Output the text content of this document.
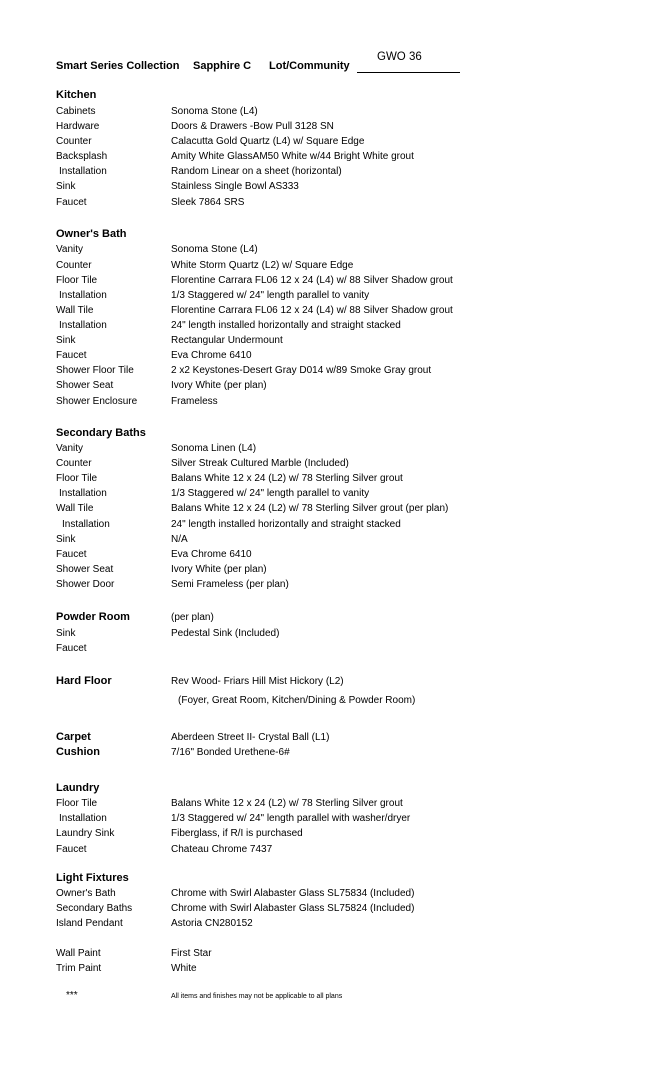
Smart Series Collection Sapphire C Lot/Community
GWO 36
Kitchen
Cabinets	Sonoma Stone (L4)
Hardware	Doors & Drawers -Bow Pull 3128 SN
Counter	Calacutta Gold Quartz (L4) w/ Square Edge
Backsplash	Amity White GlassAM50 White w/44 Bright White grout
Installation	Random Linear on a sheet (horizontal)
Sink	Stainless Single Bowl AS333
Faucet	Sleek 7864 SRS
Owner's Bath
Vanity	Sonoma Stone (L4)
Counter	White Storm Quartz (L2) w/ Square Edge
Floor Tile	Florentine Carrara FL06 12 x 24 (L4) w/ 88 Silver Shadow grout
Installation	1/3 Staggered w/ 24" length parallel to vanity
Wall Tile	Florentine Carrara FL06 12 x 24 (L4) w/ 88 Silver Shadow grout
Installation	24" length installed horizontally and straight stacked
Sink	Rectangular Undermount
Faucet	Eva Chrome 6410
Shower Floor Tile	2 x2 Keystones-Desert Gray D014 w/89 Smoke Gray grout
Shower Seat	Ivory White (per plan)
Shower Enclosure	Frameless
Secondary Baths
Vanity	Sonoma Linen (L4)
Counter	Silver Streak Cultured Marble (Included)
Floor Tile	Balans White 12 x 24 (L2) w/ 78 Sterling Silver grout
Installation	1/3 Staggered w/ 24" length parallel to vanity
Wall Tile	Balans White 12 x 24 (L2) w/ 78 Sterling Silver grout (per plan)
Installation	24" length installed horizontally and straight stacked
Sink	N/A
Faucet	Eva Chrome 6410
Shower Seat	Ivory White (per plan)
Shower Door	Semi Frameless (per plan)
Powder Room	(per plan)
Sink	Pedestal Sink (Included)
Faucet
Hard Floor	Rev Wood- Friars Hill Mist Hickory (L2)
(Foyer, Great Room, Kitchen/Dining & Powder Room)
Carpet	Aberdeen Street II- Crystal Ball (L1)
Cushion	7/16" Bonded Urethene-6#
Laundry
Floor Tile	Balans White 12 x 24 (L2) w/ 78 Sterling Silver grout
Installation	1/3 Staggered w/ 24" length parallel with washer/dryer
Laundry Sink	Fiberglass, if R/I is purchased
Faucet	Chateau Chrome 7437
Light Fixtures
Owner's Bath	Chrome with Swirl Alabaster Glass SL75834 (Included)
Secondary Baths	Chrome with Swirl Alabaster Glass SL75824 (Included)
Island Pendant	Astoria CN280152
Wall Paint	First Star
Trim Paint	White
***	All items and finishes may not be applicable to all plans
